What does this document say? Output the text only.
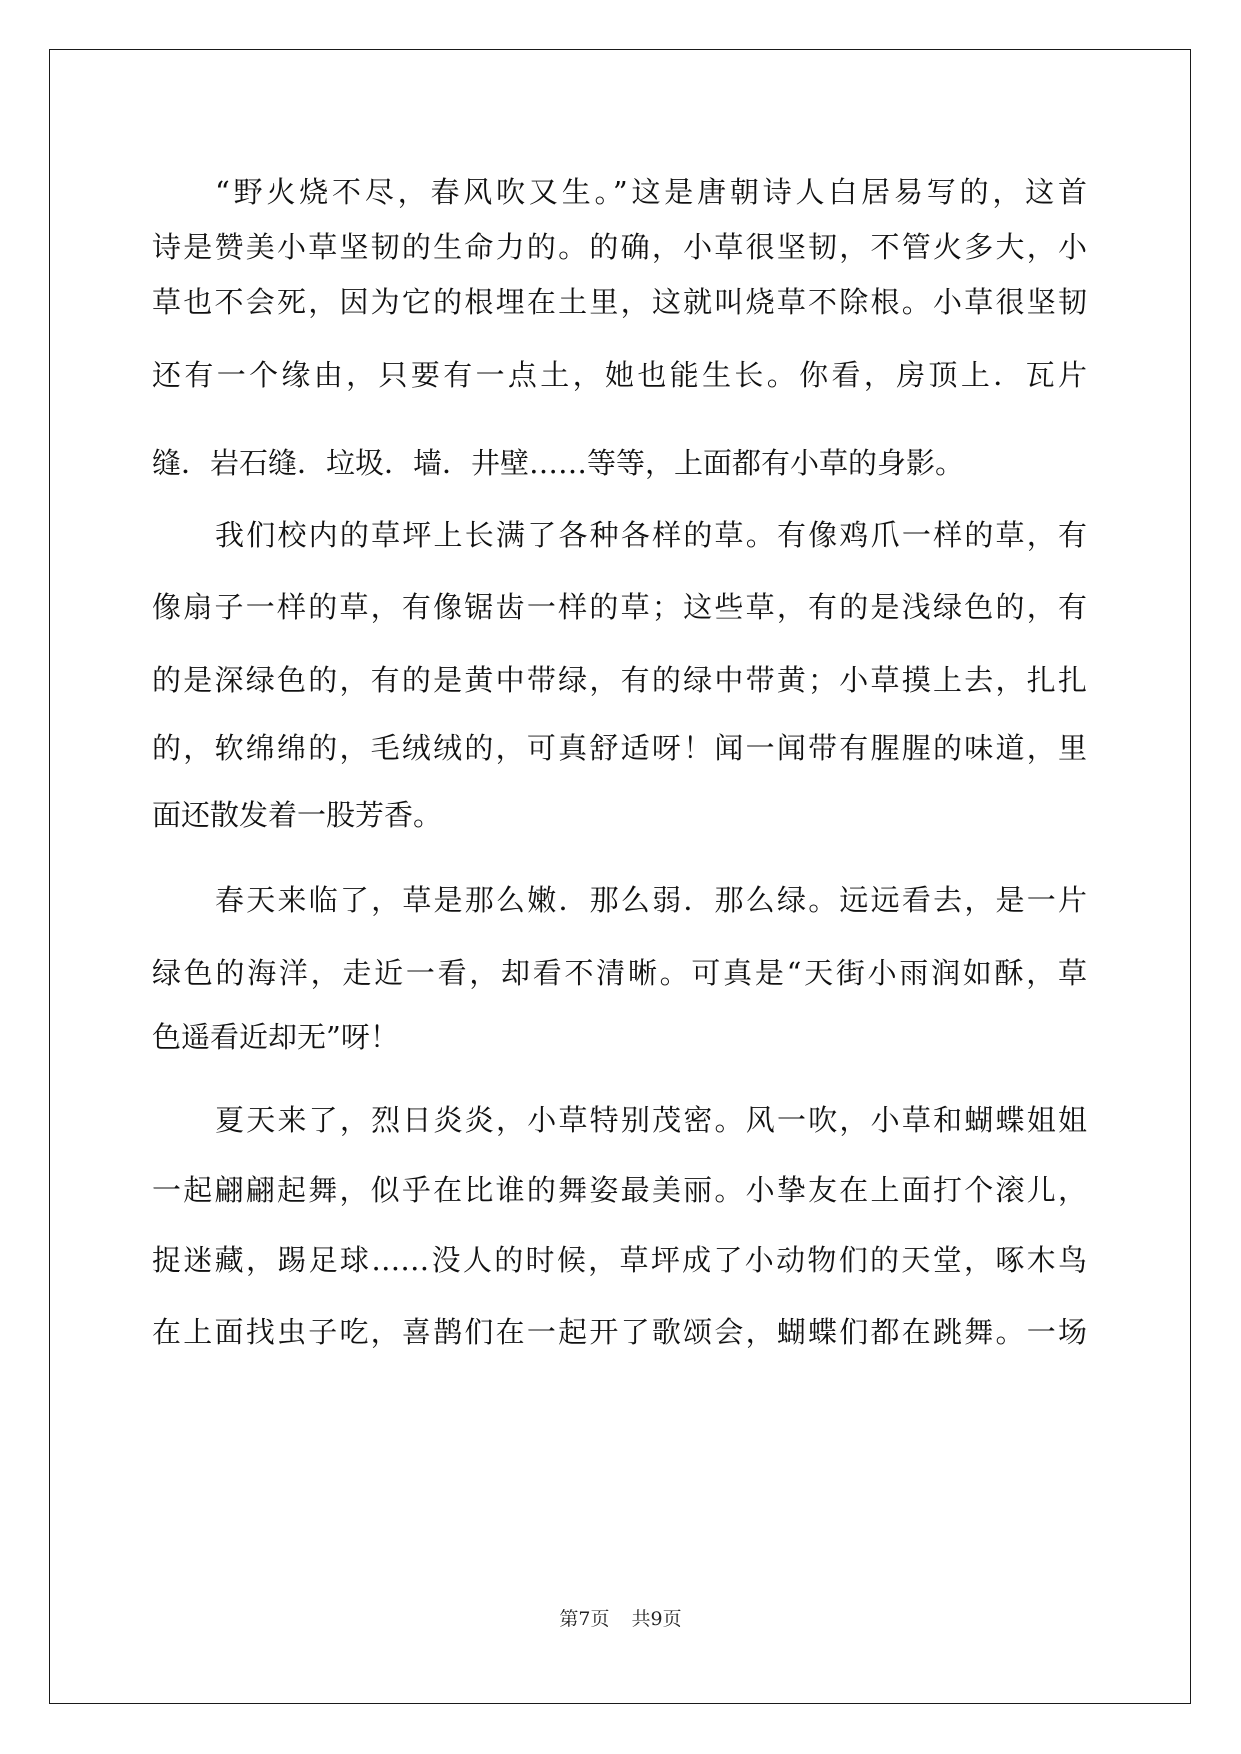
“野火烧不尽，春风吹又生。”这是唐朝诗人白居易写的，这首
诗是赞美小草坚韧的生命力的。的确，小草很坚韧，不管火多大，小
草也不会死，因为它的根埋在土里，这就叫烧草不除根。小草很坚韧
还有一个缘由，只要有一点土，她也能生长。你看，房顶上．瓦片
缝．岩石缝．垃圾．墙．井壁……等等，上面都有小草的身影。
我们校内的草坪上长满了各种各样的草。有像鸡爪一样的草，有
像扇子一样的草，有像锯齿一样的草；这些草，有的是浅绿色的，有
的是深绿色的，有的是黄中带绿，有的绿中带黄；小草摸上去，扎扎
的，软绵绵的，毛绒绒的，可真舒适呀！闻一闻带有腥腥的味道，里
面还散发着一股芳香。
春天来临了，草是那么嫩．那么弱．那么绿。远远看去，是一片
绿色的海洋，走近一看，却看不清晰。可真是“天街小雨润如酥，草
色遥看近却无”呀！
夏天来了，烈日炎炎，小草特别茂密。风一吹，小草和蝴蝶姐姐
一起翩翩起舞，似乎在比谁的舞姿最美丽。小挚友在上面打个滚儿，
捉迷藏，踢足球……没人的时候，草坪成了小动物们的天堂，啄木鸟
在上面找虫子吃，喜鹊们在一起开了歌颂会，蝴蝶们都在跳舞。一场
第7页 共9页
